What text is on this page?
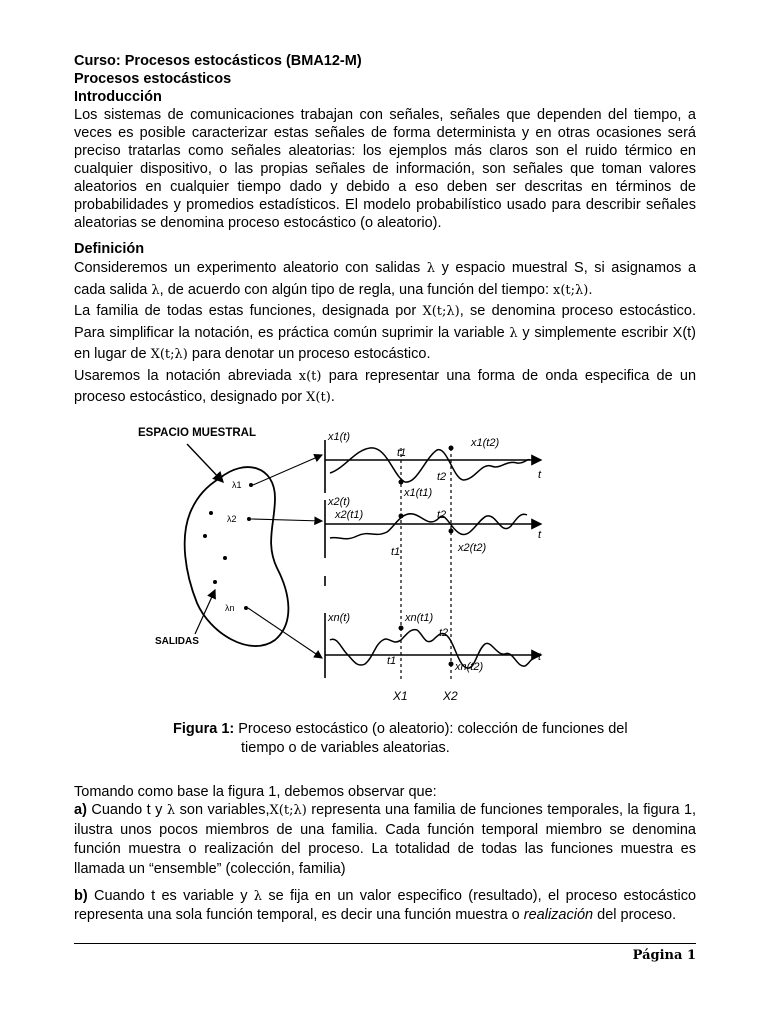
Curso: Procesos estocásticos (BMA12-M)

Procesos estocásticos

Introducción

Los sistemas de comunicaciones trabajan con señales, señales que dependen del tiempo, a veces es posible caracterizar estas señales de forma determinista y en otras ocasiones será preciso tratarlas como señales aleatorias: los ejemplos más claros son el ruido térmico en cualquier dispositivo, o las propias señales de información, son señales que toman valores aleatorios en cualquier tiempo dado y debido a eso deben ser descritas en términos de probabilidades y promedios estadísticos. El modelo probabilístico usado para describir señales aleatorias se denomina proceso estocástico (o aleatorio).

Definición

Consideremos un experimento aleatorio con salidas λ y espacio muestral S, si asignamos a cada salida λ, de acuerdo con algún tipo de regla, una función del tiempo: x(t;λ).

La familia de todas estas funciones, designada por X(t;λ), se denomina proceso estocástico. Para simplificar la notación, es práctica común suprimir la variable λ y simplemente escribir X(t) en lugar de X(t;λ) para denotar un proceso estocástico.

Usaremos la notación abreviada x(t) para representar una forma de onda especifica de un proceso estocástico, designado por X(t).

ESPACIO MUESTRAL
λ1
λ2
λn
SALIDAS
x1(t)
x2(t)
xn(t)
t
t
t
t1
t2
x1(t1)
x1(t2)
t2
x2(t1)
t1	x2(t2)
xn(t1)
t2
t1	xn(t2)
X1	X2
Figura 1: Proceso estocástico (o aleatorio): colección de funciones del
tiempo o de variables aleatorias.

Tomando como base la figura 1, debemos observar que:

a) Cuando t y λ son variables,X(t;λ) representa una familia de funciones temporales, la figura 1, ilustra unos pocos miembros de una familia. Cada función temporal miembro se denomina función muestra o realización del proceso. La totalidad de todas las funciones muestra es llamada un “ensemble” (colección, familia)

b) Cuando t es variable y λ se fija en un valor especifico (resultado), el proceso estocástico representa una sola función temporal, es decir una función muestra o realización del proceso.

Página 1
